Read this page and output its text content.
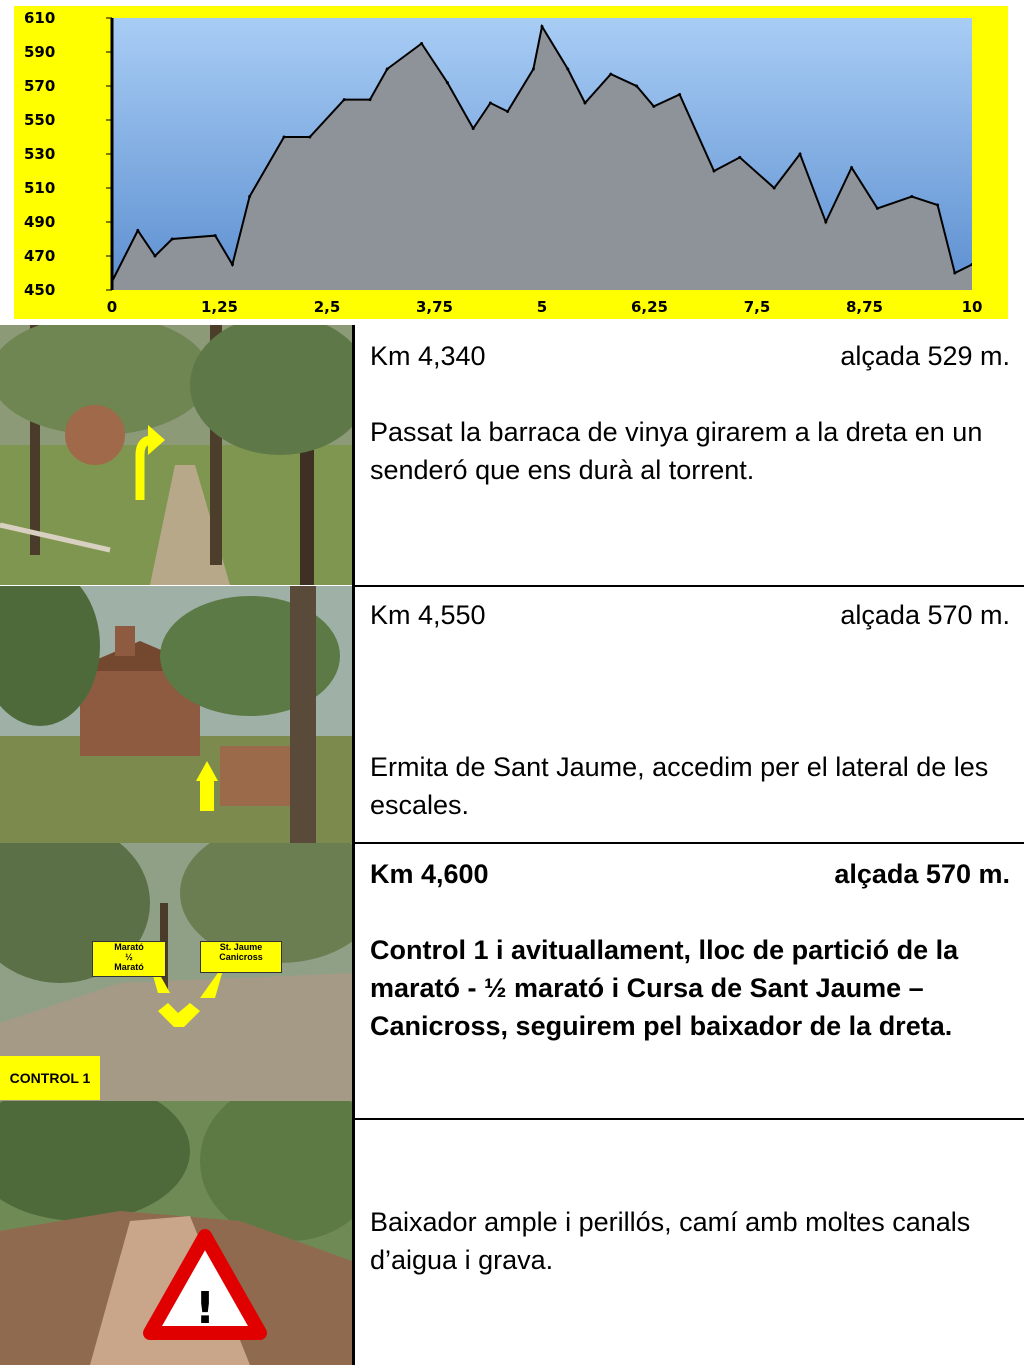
610
590
570
550
530
510
490
470
450
0	1,25	2,5	3,75	5	6,25	7,5	8,75	10
Km 4,340	alçada 529 m.
Passat la barraca de vinya girarem a la dreta en un senderó que ens durà al torrent.
Km 4,550	alçada 570 m.
Ermita de Sant Jaume, accedim per el lateral de les escales.
Marató
½
Marató
St. Jaume
Canicross
CONTROL 1
Km 4,600	alçada 570 m.
Control 1 i avituallament, lloc de partició de la marató - ½ marató i Cursa de Sant Jaume – Canicross, seguirem pel baixador de la dreta.
!
Baixador ample i perillós, camí amb moltes canals d’aigua i grava.
